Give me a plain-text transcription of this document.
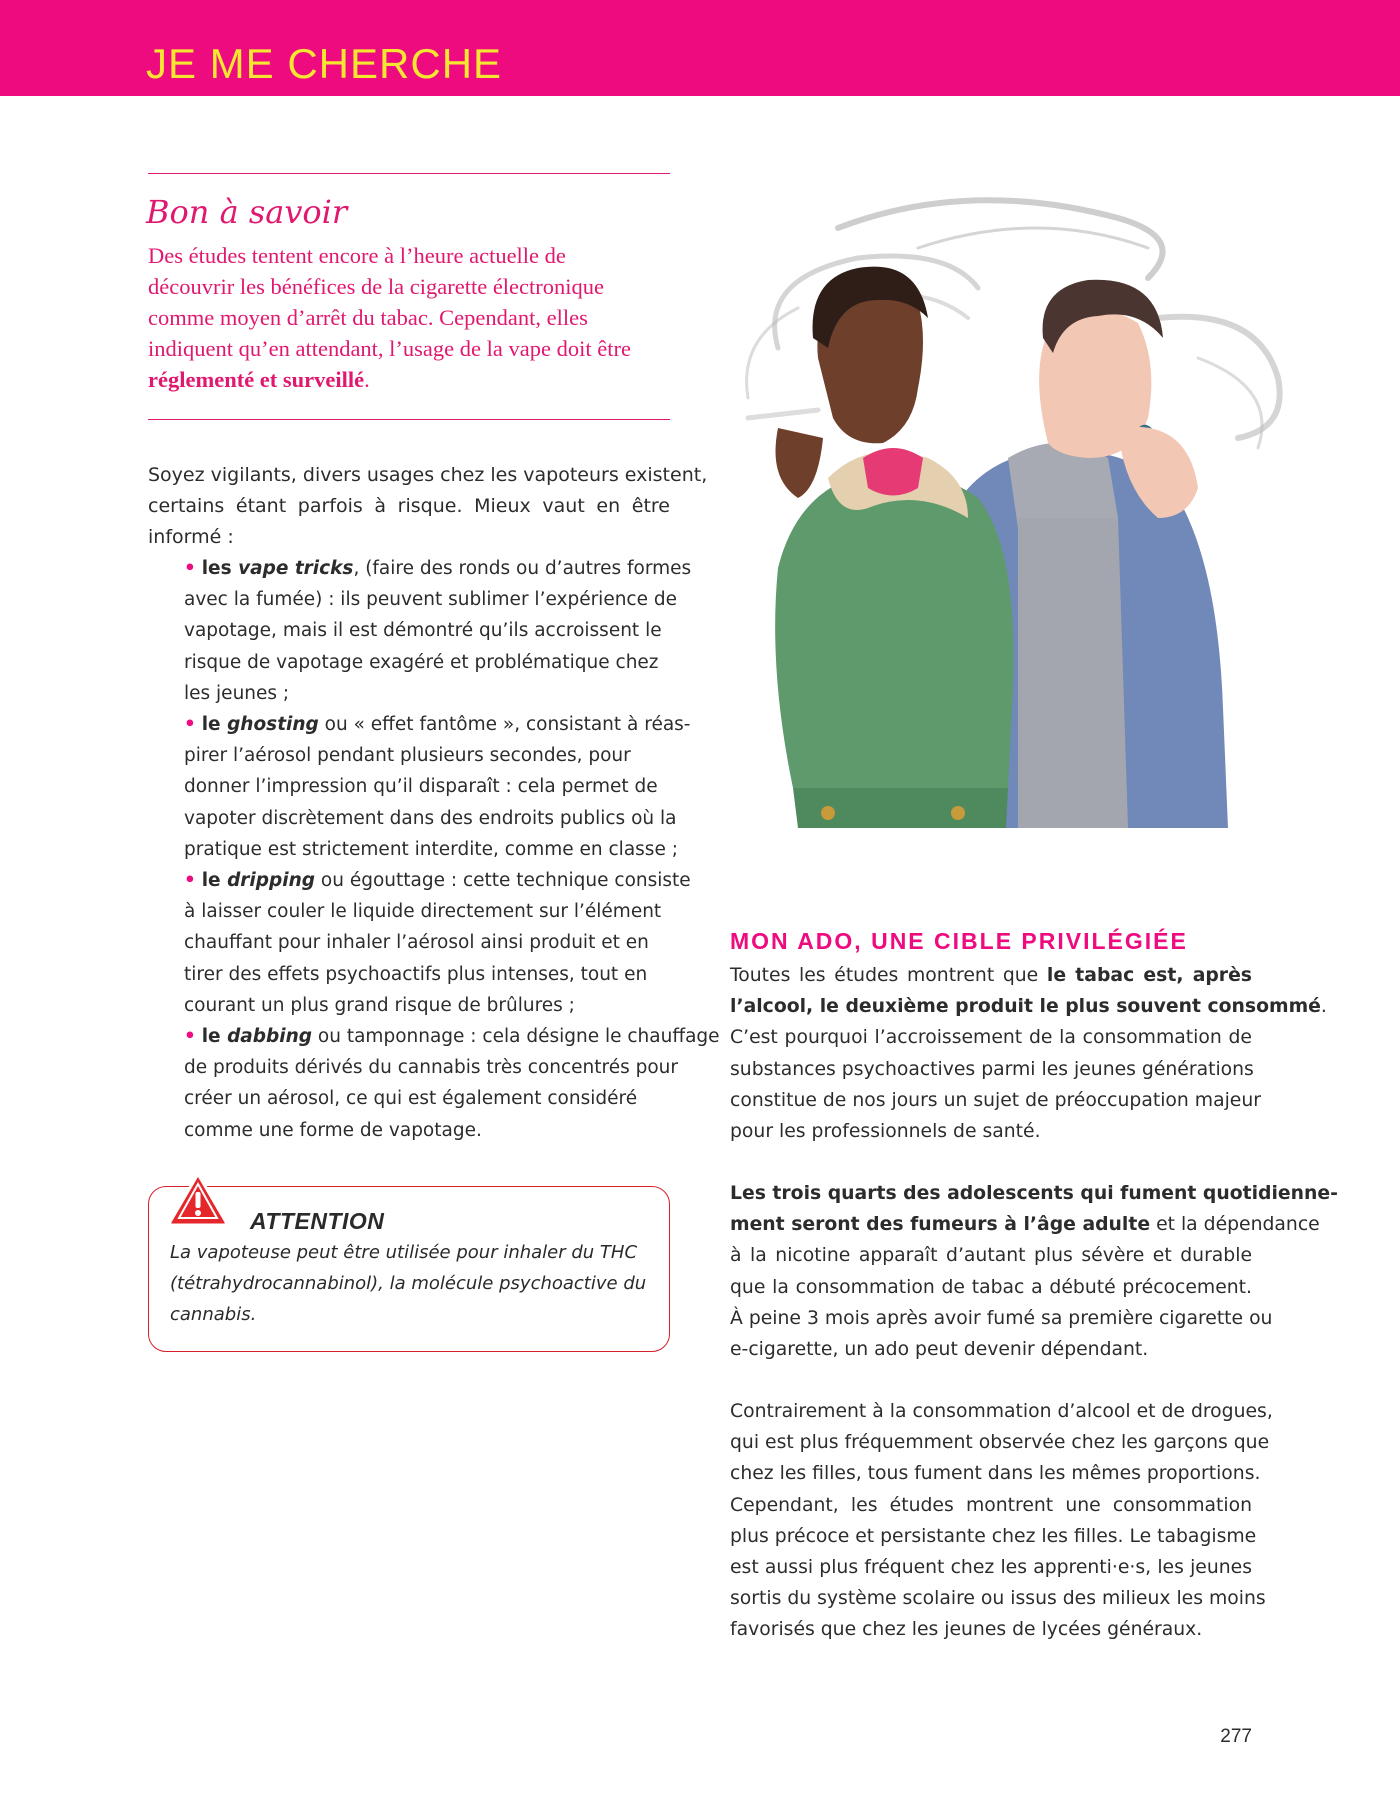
JE ME CHERCHE
Bon à savoir
Des études tentent encore à l’heure actuelle de
découvrir les bénéfices de la cigarette électronique
comme moyen d’arrêt du tabac. Cependant, elles
indiquent qu’en attendant, l’usage de la vape doit être
réglementé et surveillé.
Soyez vigilants, divers usages chez les vapoteurs existent,
certains étant parfois à risque. Mieux vaut en être
informé :
• les vape tricks, (faire des ronds ou d’autres formes
avec la fumée) : ils peuvent sublimer l’expérience de
vapotage, mais il est démontré qu’ils accroissent le
risque de vapotage exagéré et problématique chez
les jeunes ;
• le ghosting ou « effet fantôme », consistant à réas-
pirer l’aérosol pendant plusieurs secondes, pour
donner l’impression qu’il disparaît : cela permet de
vapoter discrètement dans des endroits publics où la
pratique est strictement interdite, comme en classe ;
• le dripping ou égouttage : cette technique consiste
à laisser couler le liquide directement sur l’élément
chauffant pour inhaler l’aérosol ainsi produit et en
tirer des effets psychoactifs plus intenses, tout en
courant un plus grand risque de brûlures ;
• le dabbing ou tamponnage : cela désigne le chauffage
de produits dérivés du cannabis très concentrés pour
créer un aérosol, ce qui est également considéré
comme une forme de vapotage.
ATTENTION
La vapoteuse peut être utilisée pour inhaler du THC
(tétrahydrocannabinol), la molécule psychoactive du
cannabis.
MON ADO, UNE CIBLE PRIVILÉGIÉE
Toutes les études montrent que le tabac est, après
l’alcool, le deuxième produit le plus souvent consommé.
C’est pourquoi l’accroissement de la consommation de
substances psychoactives parmi les jeunes générations
constitue de nos jours un sujet de préoccupation majeur
pour les professionnels de santé.
Les trois quarts des adolescents qui fument quotidienne-
ment seront des fumeurs à l’âge adulte et la dépendance
à la nicotine apparaît d’autant plus sévère et durable
que la consommation de tabac a débuté précocement.
À peine 3 mois après avoir fumé sa première cigarette ou
e-cigarette, un ado peut devenir dépendant.
Contrairement à la consommation d’alcool et de drogues,
qui est plus fréquemment observée chez les garçons que
chez les filles, tous fument dans les mêmes proportions.
Cependant, les études montrent une consommation
plus précoce et persistante chez les filles. Le tabagisme
est aussi plus fréquent chez les apprenti·e·s, les jeunes
sortis du système scolaire ou issus des milieux les moins
favorisés que chez les jeunes de lycées généraux.
277
